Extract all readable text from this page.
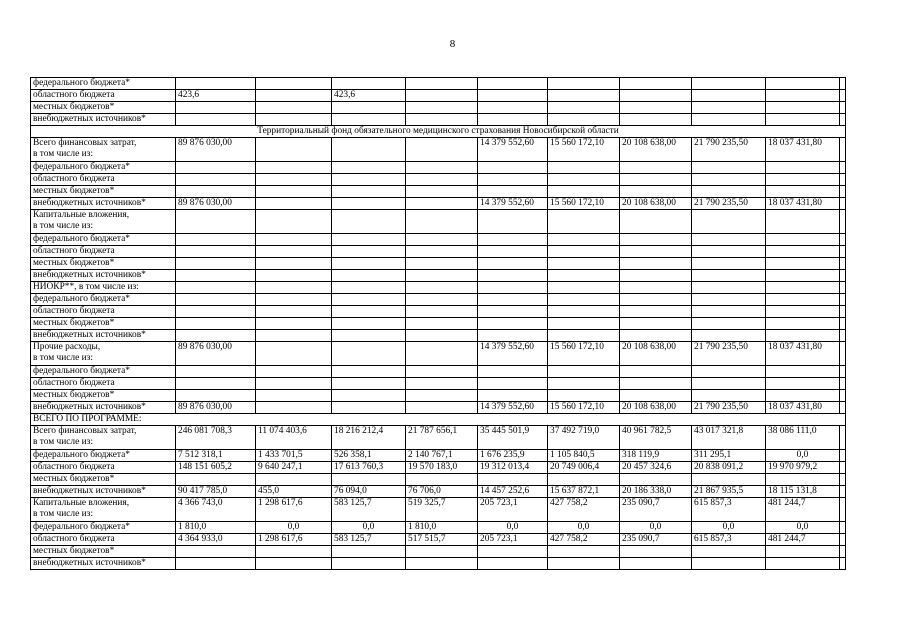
8
федерального бюджета*										
областного бюджета	423,6		423,6							
местных бюджетов*										
внебюджетных источников*										
Территориальный фонд обязательного медицинского страхования Новосибирской области										
Всего финансовых затрат,
в том числе из:	89 876 030,00				14 379 552,60	15 560 172,10	20 108 638,00	21 790 235,50	18 037 431,80	
федерального бюджета*										
областного бюджета										
местных бюджетов*										
внебюджетных источников*	89 876 030,00				14 379 552,60	15 560 172,10	20 108 638,00	21 790 235,50	18 037 431,80	
Капитальные вложения,
в том числе из:										
федерального бюджета*										
областного бюджета										
местных бюджетов*										
внебюджетных источников*										
НИОКР**, в том числе из:										
федерального бюджета*										
областного бюджета										
местных бюджетов*										
внебюджетных источников*										
Прочие расходы,
в том числе из:	89 876 030,00				14 379 552,60	15 560 172,10	20 108 638,00	21 790 235,50	18 037 431,80	
федерального бюджета*										
областного бюджета										
местных бюджетов*										
внебюджетных источников*	89 876 030,00				14 379 552,60	15 560 172,10	20 108 638,00	21 790 235,50	18 037 431,80	
ВСЕГО ПО ПРОГРАММЕ:										
Всего финансовых затрат,
в том числе из:	246 081 708,3	11 074 403,6	18 216 212,4	21 787 656,1	35 445 501,9	37 492 719,0	40 961 782,5	43 017 321,8	38 086 111,0	
федерального бюджета*	7 512 318,1	1 433 701,5	526 358,1	2 140 767,1	1 676 235,9	1 105 840,5	318 119,9	311 295,1	0,0	
областного бюджета	148 151 605,2	9 640 247,1	17 613 760,3	19 570 183,0	19 312 013,4	20 749 006,4	20 457 324,6	20 838 091,2	19 970 979,2	
местных бюджетов*										
внебюджетных источников*	90 417 785,0	455,0	76 094,0	76 706,0	14 457 252,6	15 637 872,1	20 186 338,0	21 867 935,5	18 115 131,8	
Капитальные вложения,
в том числе из:	4 366 743,0	1 298 617,6	583 125,7	519 325,7	205 723,1	427 758,2	235 090,7	615 857,3	481 244,7	
федерального бюджета*	1 810,0	0,0	0,0	1 810,0	0,0	0,0	0,0	0,0	0,0	
областного бюджета	4 364 933,0	1 298 617,6	583 125,7	517 515,7	205 723,1	427 758,2	235 090,7	615 857,3	481 244,7	
местных бюджетов*										
внебюджетных источников*										
